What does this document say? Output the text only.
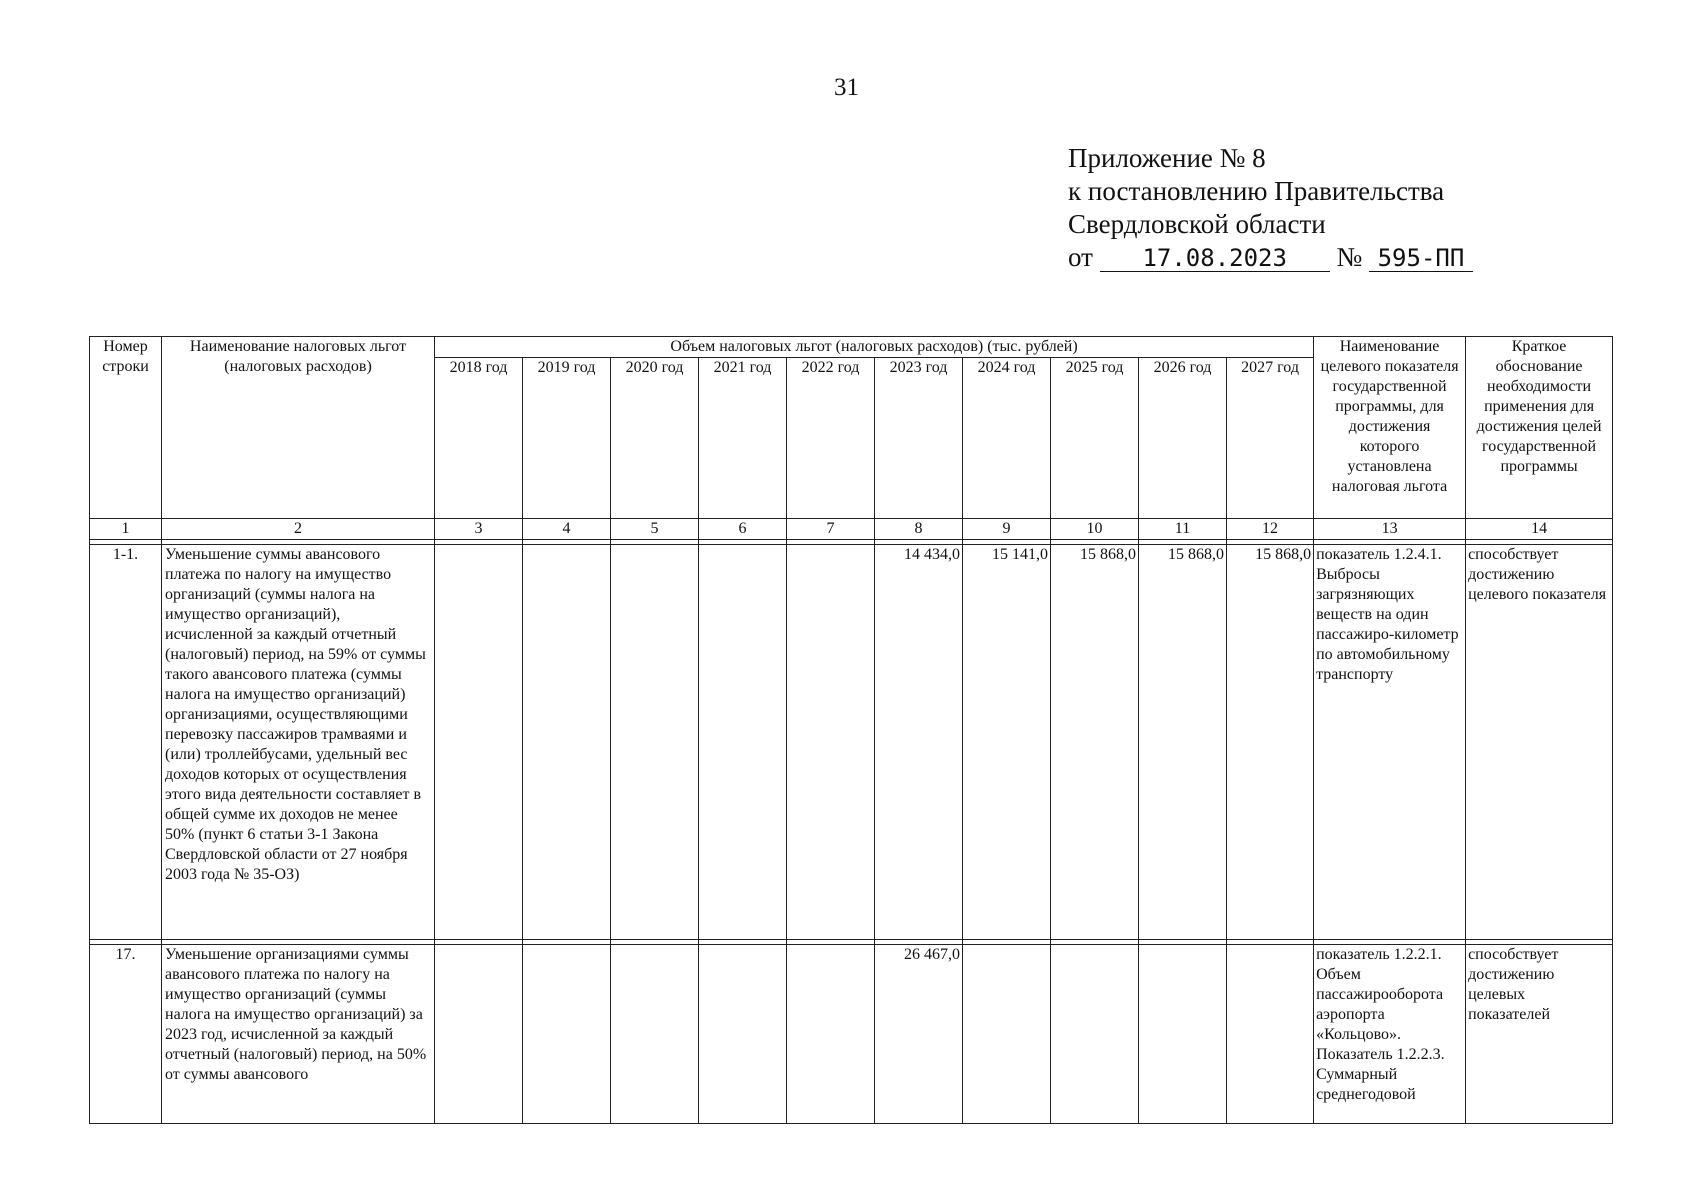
31
Приложение № 8
к постановлению Правительства
Свердловской области
от 17.08.2023 № 595-ПП
Номер строки	Наименование налоговых льгот (налоговых расходов)	Объем налоговых льгот (налоговых расходов) (тыс. рублей)										Наименование целевого показателя государственной программы, для достижения которого установлена налоговая льгота	Краткое обоснование необходимости применения для достижения целей государственной программы
		2018 год	2019 год	2020 год	2021 год	2022 год	2023 год	2024 год	2025 год	2026 год	2027 год		
1	2	3	4	5	6	7	8	9	10	11	12	13	14

1-1.	Уменьшение суммы авансового платежа по налогу на имущество организаций (суммы налога на имущество организаций), исчисленной за каждый отчетный (налоговый) период, на 59% от суммы такого авансового платежа (суммы налога на имущество организаций) организациями, осуществляющими перевозку пассажиров трамваями и (или) троллейбусами, удельный вес доходов которых от осуществления этого вида деятельности составляет в общей сумме их доходов не менее 50% (пункт 6 статьи 3-1 Закона Свердловской области от 27 ноября 2003 года № 35-ОЗ)						14 434,0	15 141,0	15 868,0	15 868,0	15 868,0	показатель 1.2.4.1. Выбросы загрязняющих веществ на один пассажиро-километр по автомобильному транспорту	способствует достижению целевого показателя

17.	Уменьшение организациями суммы авансового платежа по налогу на имущество организаций (суммы налога на имущество организаций) за 2023 год, исчисленной за каждый отчетный (налоговый) период, на 50% от суммы авансового						26 467,0					показатель 1.2.2.1. Объем пассажирооборота аэропорта «Кольцово». Показатель 1.2.2.3. Суммарный среднегодовой	способствует достижению целевых показателей
